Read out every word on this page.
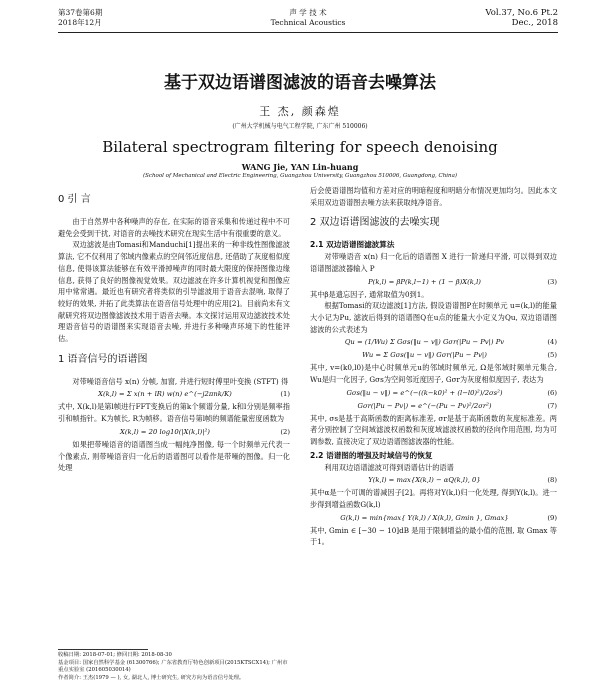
第37卷第6期
2018年12月
声 学 技 术
Technical Acoustics
Vol.37, No.6 Pt.2
Dec., 2018
基于双边语谱图滤波的语音去噪算法
王 杰, 颜森煌
(广州大学机械与电气工程学院, 广东广州 510006)
Bilateral spectrogram filtering for speech denoising
WANG Jie, YAN Lin-huang
(School of Mechanical and Electric Engineering, Guangzhou University, Guangzhou 510006, Guangdong, China)
0 引 言
由于自然界中各种噪声的存在, 在实际的语音采集和传递过程中不可避免会受到干扰, 对语音的去噪技术研究在现实生活中有很重要的意义。
双边滤波是由Tomasi和Manduchi[1]提出来的一种非线性图像滤波算法, 它不仅利用了邻域内像素点的空间邻近度信息, 还借助了灰度相似度信息, 使得该算法能够在有效平滑掉噪声的同时最大限度的保持图像边缘信息, 获得了良好的图像视觉效果。双边滤波在许多计算机视觉和图像应用中常常遇。最近也有研究者将类似的引导滤波用于语音去混响, 取得了较好的效果, 并拓了此类算法在语音信号处理中的应用[2]。目前尚未有文献研究将双边图像滤波技术用于语音去噪。本文探讨运用双边滤波技术处理语音信号的语谱图来实现语音去噪, 并进行多种噪声环境下的性能评估。
1 语音信号的语谱图
对带噪语音信号 x(n) 分帧, 加窗, 并进行短时傅里叶变换 (STFT) 得
X(k,l) = Σ x(n + lR) w(n) e^(−j2πnk/K)	(1)
式中, X(k,l)是第l帧进行FFT变换后的第k个频谱分量, k和l分别是频率指引和帧指针。K为帧长, R为帧移。语音信号第l帧的频谱能量密度函数为
X(k,l) = 20 log10(|X(k,l)|²)	(2)
如果把带噪语音的语谱图当成一幅纯净图像, 每一个时频单元代表一个像素点, 则带噪语音归一化后的语谱图可以看作是带噪的图像。归一化处理
后会使语谱图均值和方差对应的明暗程度和明暗分布情况更加均匀。因此本文采用双边语谱图去噪方法来获取纯净语音。
2 双边语谱图滤波的去噪实现
2.1 双边语谱图滤波算法
对带噪语音 x(n) 归一化后的语谱图 X 进行一阶递归平滑, 可以得到双边语谱图滤波器输入 P
P(k,l) = βP(k,l−1) + (1 − β)X(k,l)	(3)
其中β是遗忘因子, 通常取值为0到1。
根据Tomasi的双边滤波[1]方法, 假设语谱图P在时频单元 u=(k,l)的能量大小记为Pu, 滤波后得到的语谱图Q在u点的能量大小定义为Qu, 双边语谱图滤波的公式表述为
Qu = (1/Wu) Σ Gσs(‖u − v‖) Gσr(|Pu − Pv|) Pv	(4)
Wu = Σ Gσs(‖u − v‖) Gσr(|Pu − Pv|)	(5)
其中, v=(k0,l0)是中心时频单元u的邻域时频单元, Ω是邻域时频单元集合, Wu是归一化因子, Gσs为空间邻近度因子, Gσr为灰度相似度因子, 表达为
Gσs(‖u − v‖) = e^(−((k−k0)² + (l−l0)²)/2σs²)	(6)
Gσr(|Pu − Pv|) = e^(−(Pu − Pv)²/2σr²)	(7)
其中, σs是基于高斯函数的距离标准差, σr是基于高斯函数的灰度标准差。两者分别控制了空间域滤波权函数和灰度域滤波权函数的径向作用范围, 均为可调参数, 直接决定了双边语谱图滤波器的性能。
2.2 语谱图的增强及时域信号的恢复
利用双边语谱滤波可得到语谱估计的语谱
Y(k,l) = max{X(k,l) − αQ(k,l), 0}	(8)
其中α是一个可调的谱减因子[2]。再将对Y(k,l)归一化处理, 得到Y(k,l)。进一步得到增益函数G(k,l)
G(k,l) = min{max{ Y(k,l) / X(k,l), Gmin }, Gmax}	(9)
其中, Gmin ∈ [−30 − 10]dB 是用于限制增益的最小值的范围, 取 Gmax 等于1。
收稿日期: 2018-07-01; 修回日期: 2018-08-30
基金项目: 国家自然科学基金 (61300766); 广东省教育厅特色创新项目(2015KTSCX14); 广州市重点实验室 (201605030014)
作者简介: 王杰(1979 — ), 女, 湖北人, 博士研究生, 研究方向为语音信号处理。
